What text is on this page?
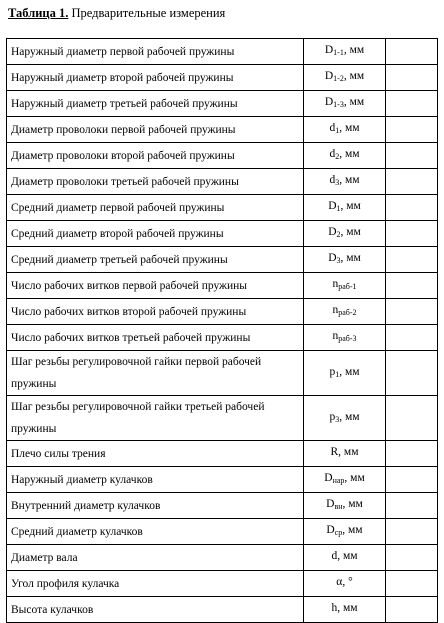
Таблица 1. Предварительные измерения
Наружный диаметр первой рабочей пружины	D1-1, мм	
Наружный диаметр второй рабочей пружины	D1-2, мм	
Наружный диаметр третьей рабочей пружины	D1-3, мм	
Диаметр проволоки первой рабочей пружины	d1, мм	
Диаметр проволоки второй рабочей пружины	d2, мм	
Диаметр проволоки третьей рабочей пружины	d3, мм	
Средний диаметр первой рабочей пружины	D1, мм	
Средний диаметр второй рабочей пружины	D2, мм	
Средний диаметр третьей рабочей пружины	D3, мм	
Число рабочих витков первой рабочей пружины	nраб-1	
Число рабочих витков второй рабочей пружины	nраб-2	
Число рабочих витков третьей рабочей пружины	nраб-3	
Шаг резьбы регулировочной гайки первой рабочей пружины	p1, мм	
Шаг резьбы регулировочной гайки третьей рабочей пружины	p3, мм	
Плечо силы трения	R, мм	
Наружный диаметр кулачков	Dнар, мм	
Внутренний диаметр кулачков	Dвн, мм	
Средний диаметр кулачков	Dср, мм	
Диаметр вала	d, мм	
Угол профиля кулачка	α, °	
Высота кулачков	h, мм	
